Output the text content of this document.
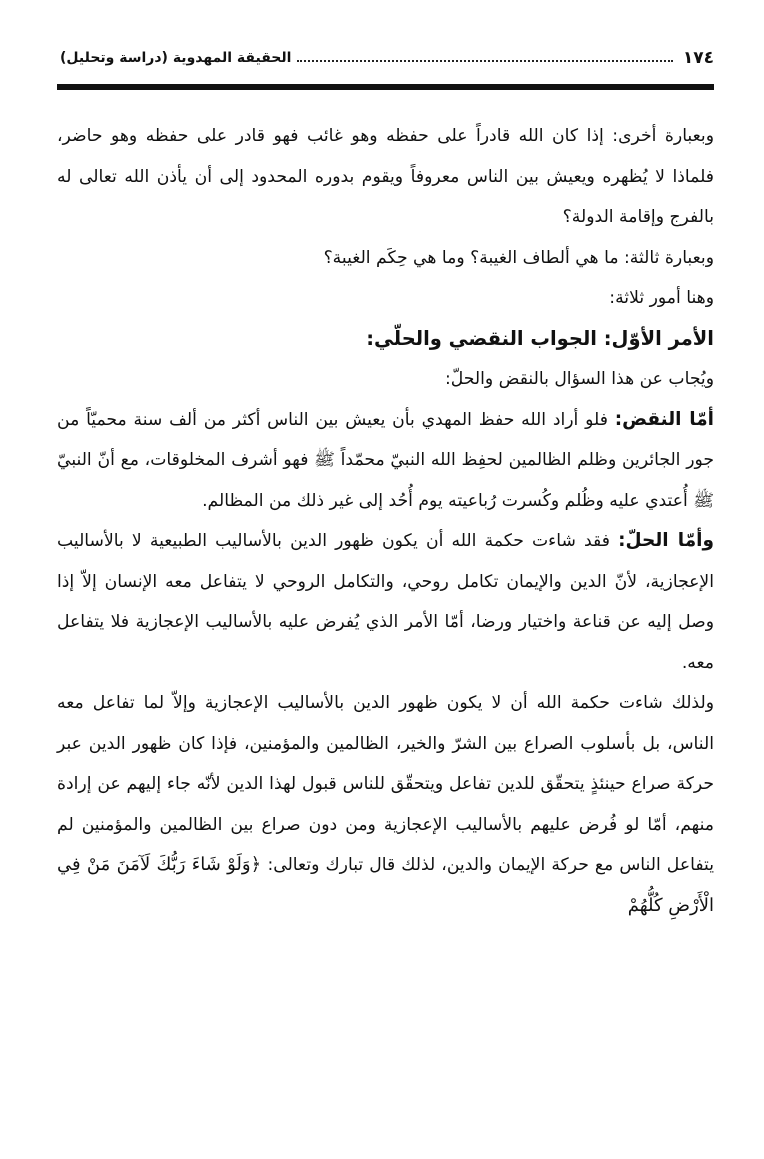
١٧٤
الحقيقة المهدوية (دراسة وتحليل)

وبعبارة أخرى: إذا كان الله قادراً على حفظه وهو غائب فهو قادر على حفظه وهو حاضر، فلماذا لا يُظهره ويعيش بين الناس معروفاً ويقوم بدوره المحدود إلى أن يأذن الله تعالى له بالفرج وإقامة الدولة؟

وبعبارة ثالثة: ما هي ألطاف الغيبة؟ وما هي حِكَم الغيبة؟

وهنا أمور ثلاثة:

الأمر الأوّل: الجواب النقضي والحلّي:

ويُجاب عن هذا السؤال بالنقض والحلّ:

أمّا النقض: فلو أراد الله حفظ المهدي بأن يعيش بين الناس أكثر من ألف سنة محميّاً من جور الجائرين وظلم الظالمين لحفِظ الله النبيّ محمّداً ﷺ فهو أشرف المخلوقات، مع أنّ النبيّ ﷺ أُعتدي عليه وظُلم وكُسرت رُباعيته يوم أُحُد إلى غير ذلك من المظالم.

وأمّا الحلّ: فقد شاءت حكمة الله أن يكون ظهور الدين بالأساليب الطبيعية لا بالأساليب الإعجازية، لأنّ الدين والإيمان تكامل روحي، والتكامل الروحي لا يتفاعل معه الإنسان إلاّ إذا وصل إليه عن قناعة واختيار ورضا، أمّا الأمر الذي يُفرض عليه بالأساليب الإعجازية فلا يتفاعل معه.

ولذلك شاءت حكمة الله أن لا يكون ظهور الدين بالأساليب الإعجازية وإلاّ لما تفاعل معه الناس، بل بأسلوب الصراع بين الشرّ والخير، الظالمين والمؤمنين، فإذا كان ظهور الدين عبر حركة صراع حينئذٍ يتحقّق للدين تفاعل ويتحقّق للناس قبول لهذا الدين لأنّه جاء إليهم عن إرادة منهم، أمّا لو فُرض عليهم بالأساليب الإعجازية ومن دون صراع بين الظالمين والمؤمنين لم يتفاعل الناس مع حركة الإيمان والدين، لذلك قال تبارك وتعالى: ﴿وَلَوْ شَاءَ رَبُّكَ لَآمَنَ مَنْ فِي الْأَرْضِ كُلُّهُمْ
